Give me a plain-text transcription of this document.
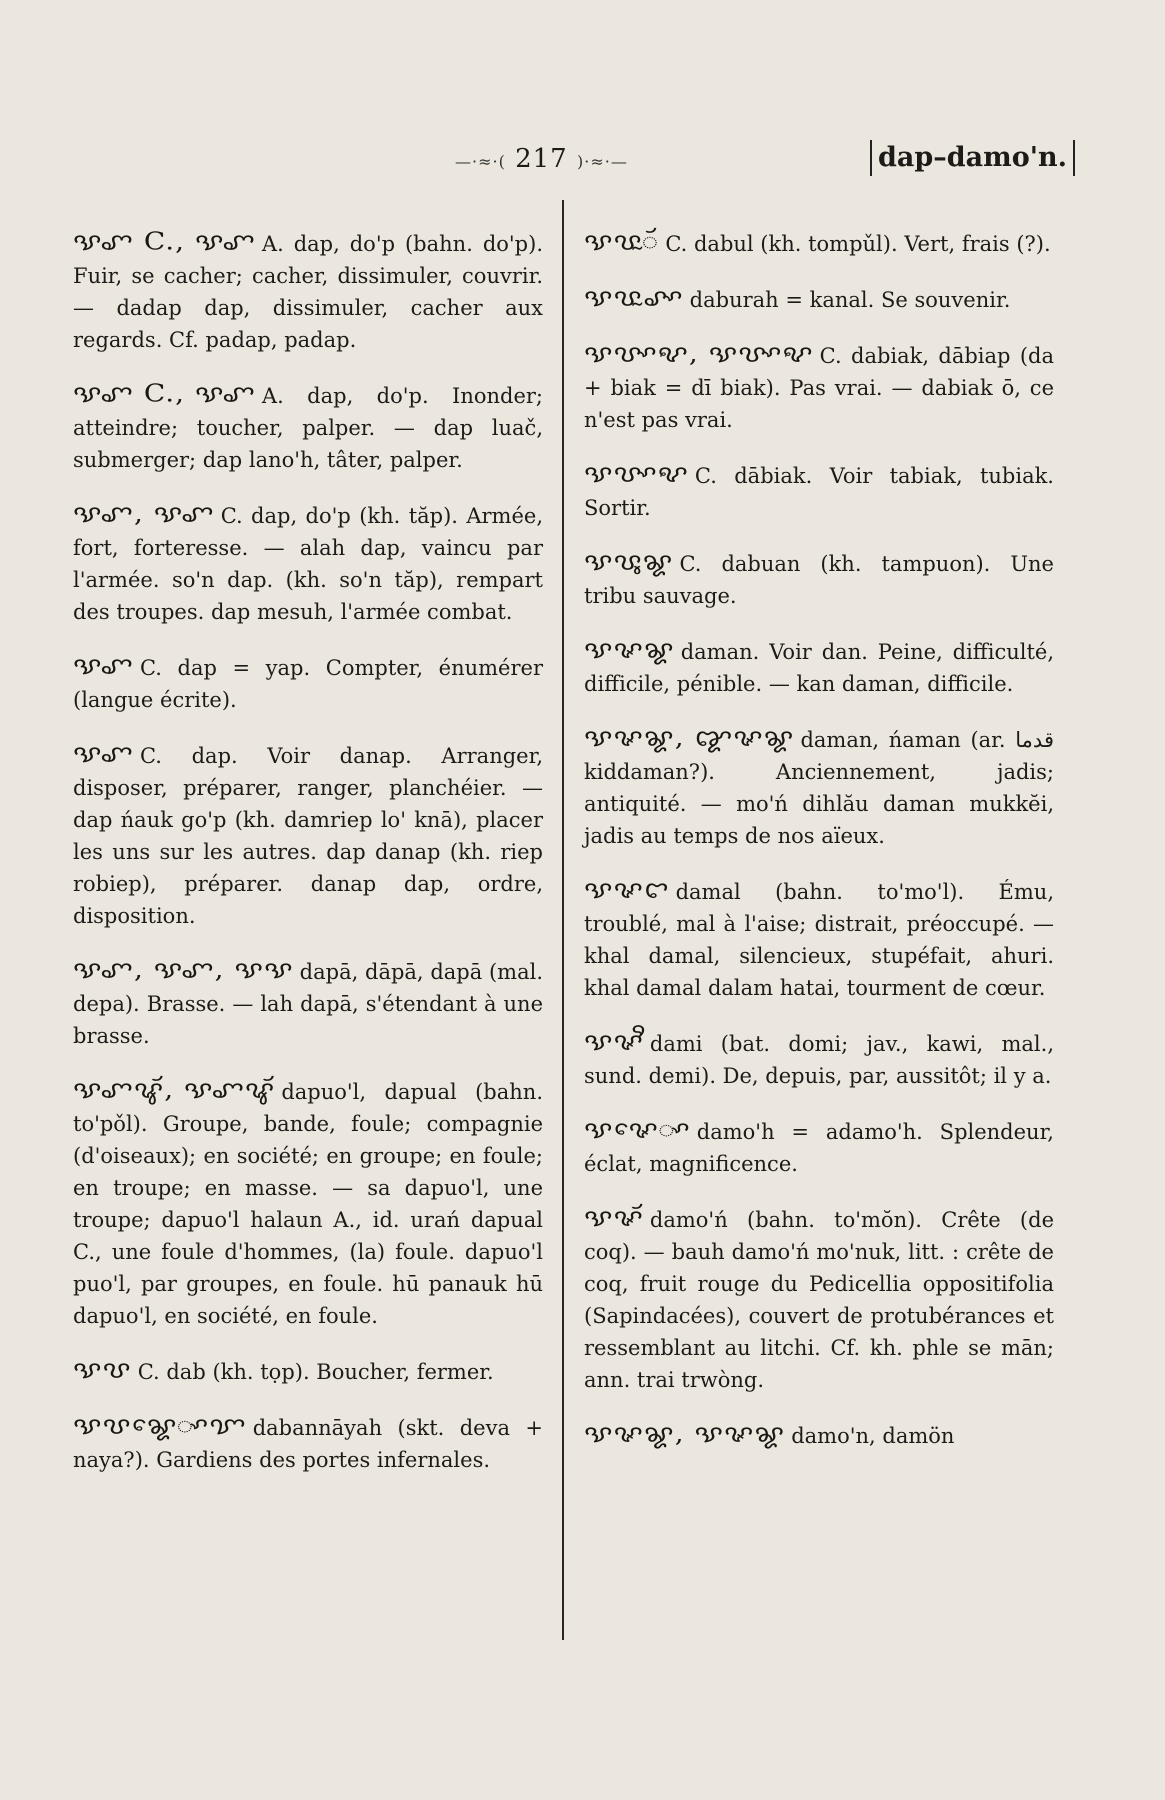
—·≈·( 217 )·≈·—	dap–damo'n.

ꨕꨚ C., ꨕꨚ A. dap, do'p (bahn. do'p). Fuir, se cacher; cacher, dissimuler, couvrir. — dadap dap, dissimuler, cacher aux regards. Cf. padap, padap.

ꨕꨚ C., ꨕꨚ A. dap, do'p. Inonder; atteindre; toucher, palper. — dap luač, submerger; dap lano'h, tâter, palper.

ꨕꨚ, ꨕꨚ C. dap, do'p (kh. tăp). Armée, fort, forteresse. — alah dap, vaincu par l'armée. so'n dap. (kh. so'n tăp), rempart des troupes. dap mesuh, l'armée combat.

ꨕꨚ C. dap = yap. Compter, énumérer (langue écrite).

ꨕꨚ C. dap. Voir danap. Arranger, disposer, préparer, ranger, planchéier. — dap ńauk go'p (kh. damriep lo' knā), placer les uns sur les autres. dap danap (kh. riep robiep), préparer. danap dap, ordre, disposition.

ꨕꨚ, ꨕꨚ, ꨕꨕ dapā, dāpā, dapā (mal. depa). Brasse. — lah dapā, s'étendant à une brasse.

ꨕꨚꨥꨮ, ꨕꨚꨥꨮ dapuo'l, dapual (bahn. to'pǒl). Groupe, bande, foule; compagnie (d'oiseaux); en société; en groupe; en foule; en troupe; en masse. — sa dapuo'l, une troupe; dapuo'l halaun A., id. urań dapual C., une foule d'hommes, (la) foule. dapuo'l puo'l, par groupes, en foule. hū panauk hū dapuo'l, en société, en foule.

ꨕꨝ C. dab (kh. tọp). Boucher, fermer.

ꨕꨝꨘꨯꨳꨢ dabannāyah (skt. deva + naya?). Gardiens des portes infernales.

ꨕꨝꨭꨮ C. dabul (kh. tompǔl). Vert, frais (?).

ꨕꨝꨭꨣꨳ daburah = kanal. Se souvenir.

ꨕꨝꨳꨦ, ꨕꨝꨳꨦ C. dabiak, dābiap (da + biak = dī biak). Pas vrai. — dabiak ō, ce n'est pas vrai.

ꨕꨝꨳꨦ C. dābiak. Voir tabiak, tubiak. Sortir.

ꨕꨝꨶꨘ C. dabuan (kh. tampuon). Une tribu sauvage.

ꨕꨟꨘ daman. Voir dan. Peine, difficulté, difficile, pénible. — kan daman, difficile.

ꨕꨟꨘ, ꨑꨟꨘ daman, ńaman (ar. قدما kiddaman?). Anciennement, jadis; antiquité. — mo'ń dihlău daman mukkĕi, jadis au temps de nos aïeux.

ꨕꨟꨤ damal (bahn. to'mo'l). Ému, troublé, mal à l'aise; distrait, préoccupé. — khal damal, silencieux, stupéfait, ahuri. khal damal dalam hatai, tourment de cœur.

ꨕꨟꨪ dami (bat. domi; jav., kawi, mal., sund. demi). De, depuis, par, aussitôt; il y a.

ꨕꨟꨯꨳ damo'h = adamo'h. Splendeur, éclat, magnificence.

ꨕꨟꨮ damo'ń (bahn. to'mŏn). Crête (de coq). — bauh damo'ń mo'nuk, litt. : crête de coq, fruit rouge du Pedicellia oppositifolia (Sapindacées), couvert de protubérances et ressemblant au litchi. Cf. kh. phle se mān; ann. trai trwòng.

ꨕꨟꨘ, ꨕꨟꨘ damo'n, damön
